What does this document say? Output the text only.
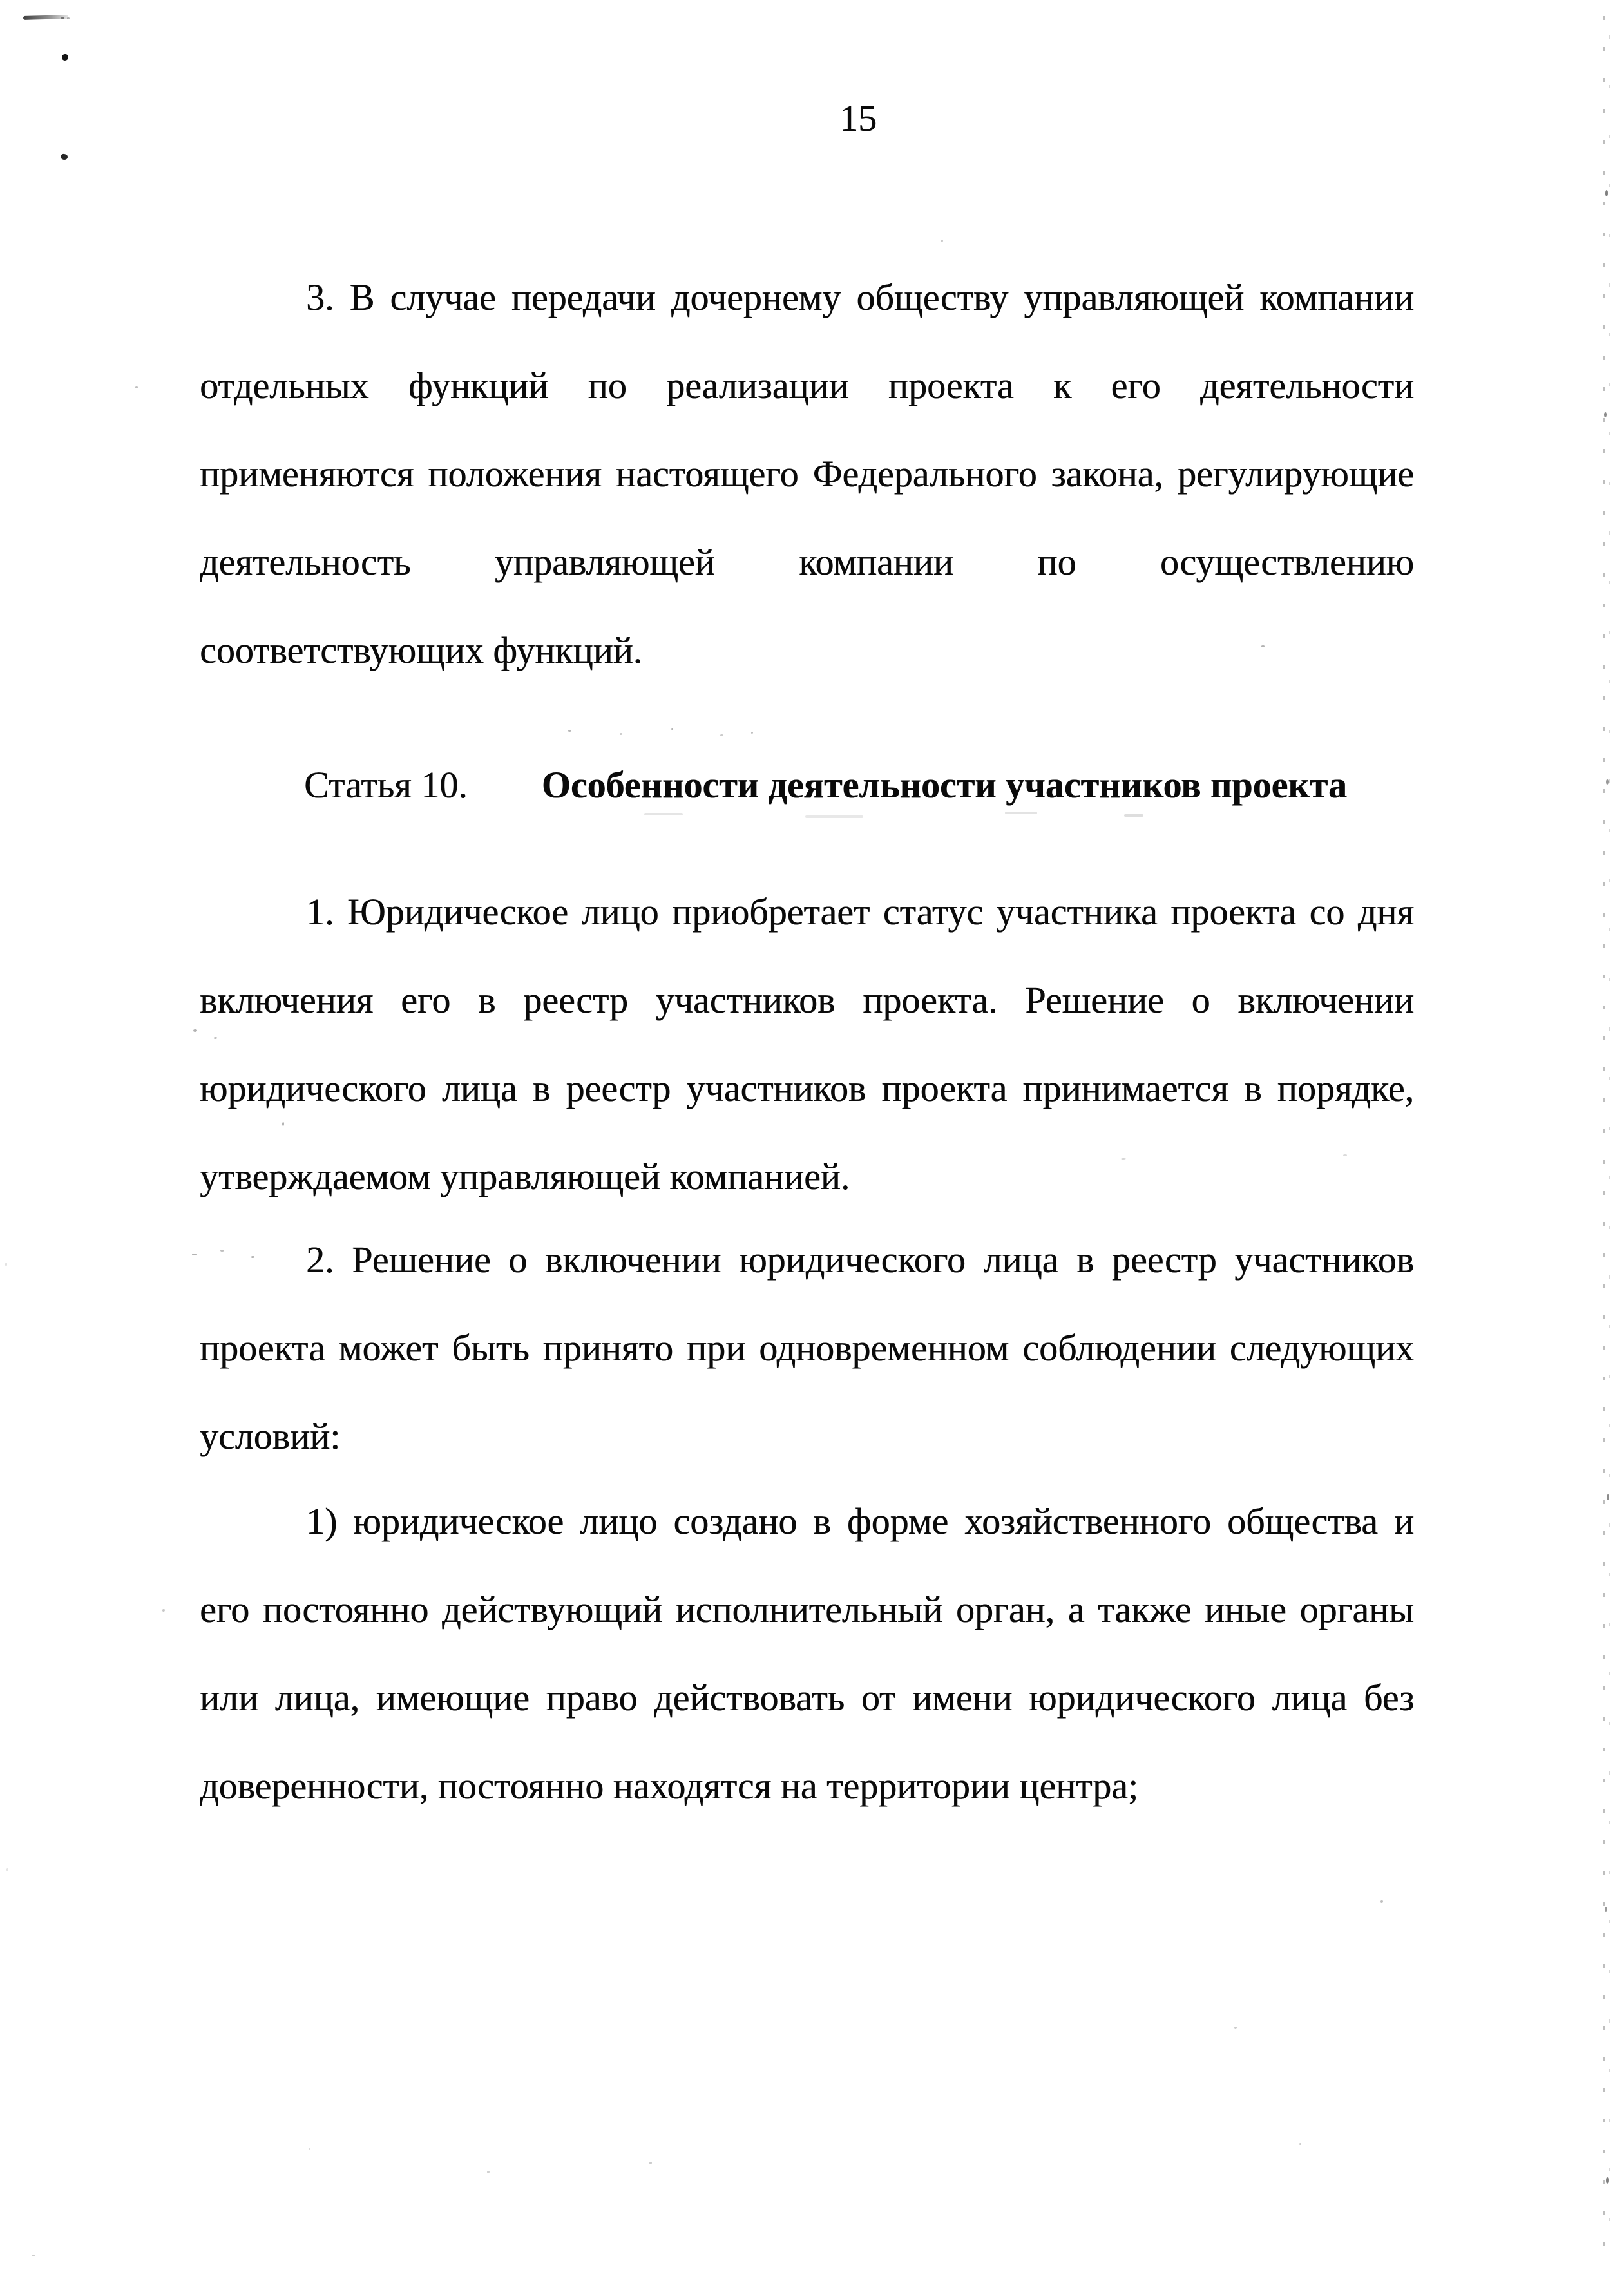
15
3. В случае передачи дочернему обществу управляющей компании
отдельных функций по реализации проекта к его деятельности
применяются положения настоящего Федерального закона, регулирующие
деятельность управляющей компании по осуществлению
соответствующих функций.
Статья 10. Особенности деятельности участников проекта
1. Юридическое лицо приобретает статус участника проекта со дня
включения его в реестр участников проекта. Решение о включении
юридического лица в реестр участников проекта принимается в порядке,
утверждаемом управляющей компанией.
2. Решение о включении юридического лица в реестр участников
проекта может быть принято при одновременном соблюдении следующих
условий:
1) юридическое лицо создано в форме хозяйственного общества и
его постоянно действующий исполнительный орган, а также иные органы
или лица, имеющие право действовать от имени юридического лица без
доверенности, постоянно находятся на территории центра;
